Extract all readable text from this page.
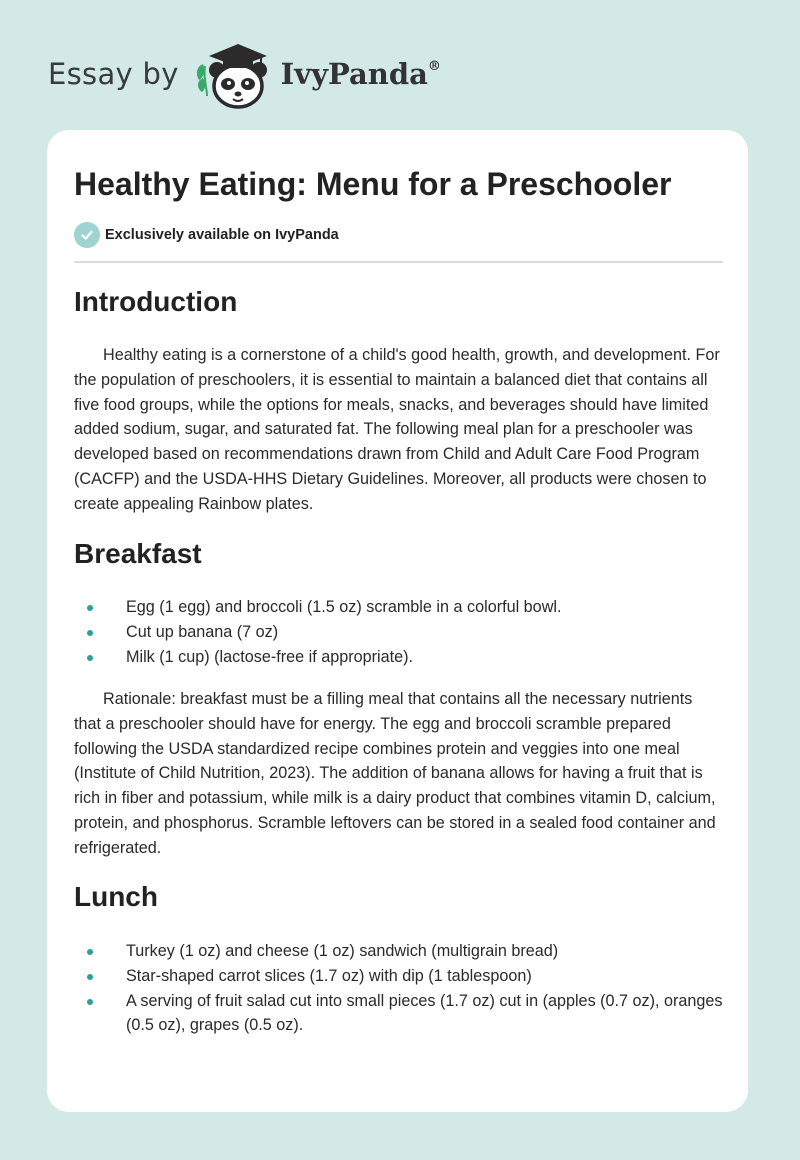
Essay by	IvyPanda®
Healthy Eating: Menu for a Preschooler
Exclusively available on IvyPanda
Introduction

Healthy eating is a cornerstone of a child's good health, growth, and development. For the population of preschoolers, it is essential to maintain a balanced diet that contains all five food groups, while the options for meals, snacks, and beverages should have limited added sodium, sugar, and saturated fat. The following meal plan for a preschooler was developed based on recommendations drawn from Child and Adult Care Food Program (CACFP) and the USDA-HHS Dietary Guidelines. Moreover, all products were chosen to create appealing Rainbow plates.

Breakfast
Egg (1 egg) and broccoli (1.5 oz) scramble in a colorful bowl.
Cut up banana (7 oz)
Milk (1 cup) (lactose-free if appropriate).

Rationale: breakfast must be a filling meal that contains all the necessary nutrients that a preschooler should have for energy. The egg and broccoli scramble prepared following the USDA standardized recipe combines protein and veggies into one meal (Institute of Child Nutrition, 2023). The addition of banana allows for having a fruit that is rich in fiber and potassium, while milk is a dairy product that combines vitamin D, calcium, protein, and phosphorus. Scramble leftovers can be stored in a sealed food container and refrigerated.

Lunch
Turkey (1 oz) and cheese (1 oz) sandwich (multigrain bread)
Star-shaped carrot slices (1.7 oz) with dip (1 tablespoon)
A serving of fruit salad cut into small pieces (1.7 oz) cut in (apples (0.7 oz), oranges (0.5 oz), grapes (0.5 oz).
